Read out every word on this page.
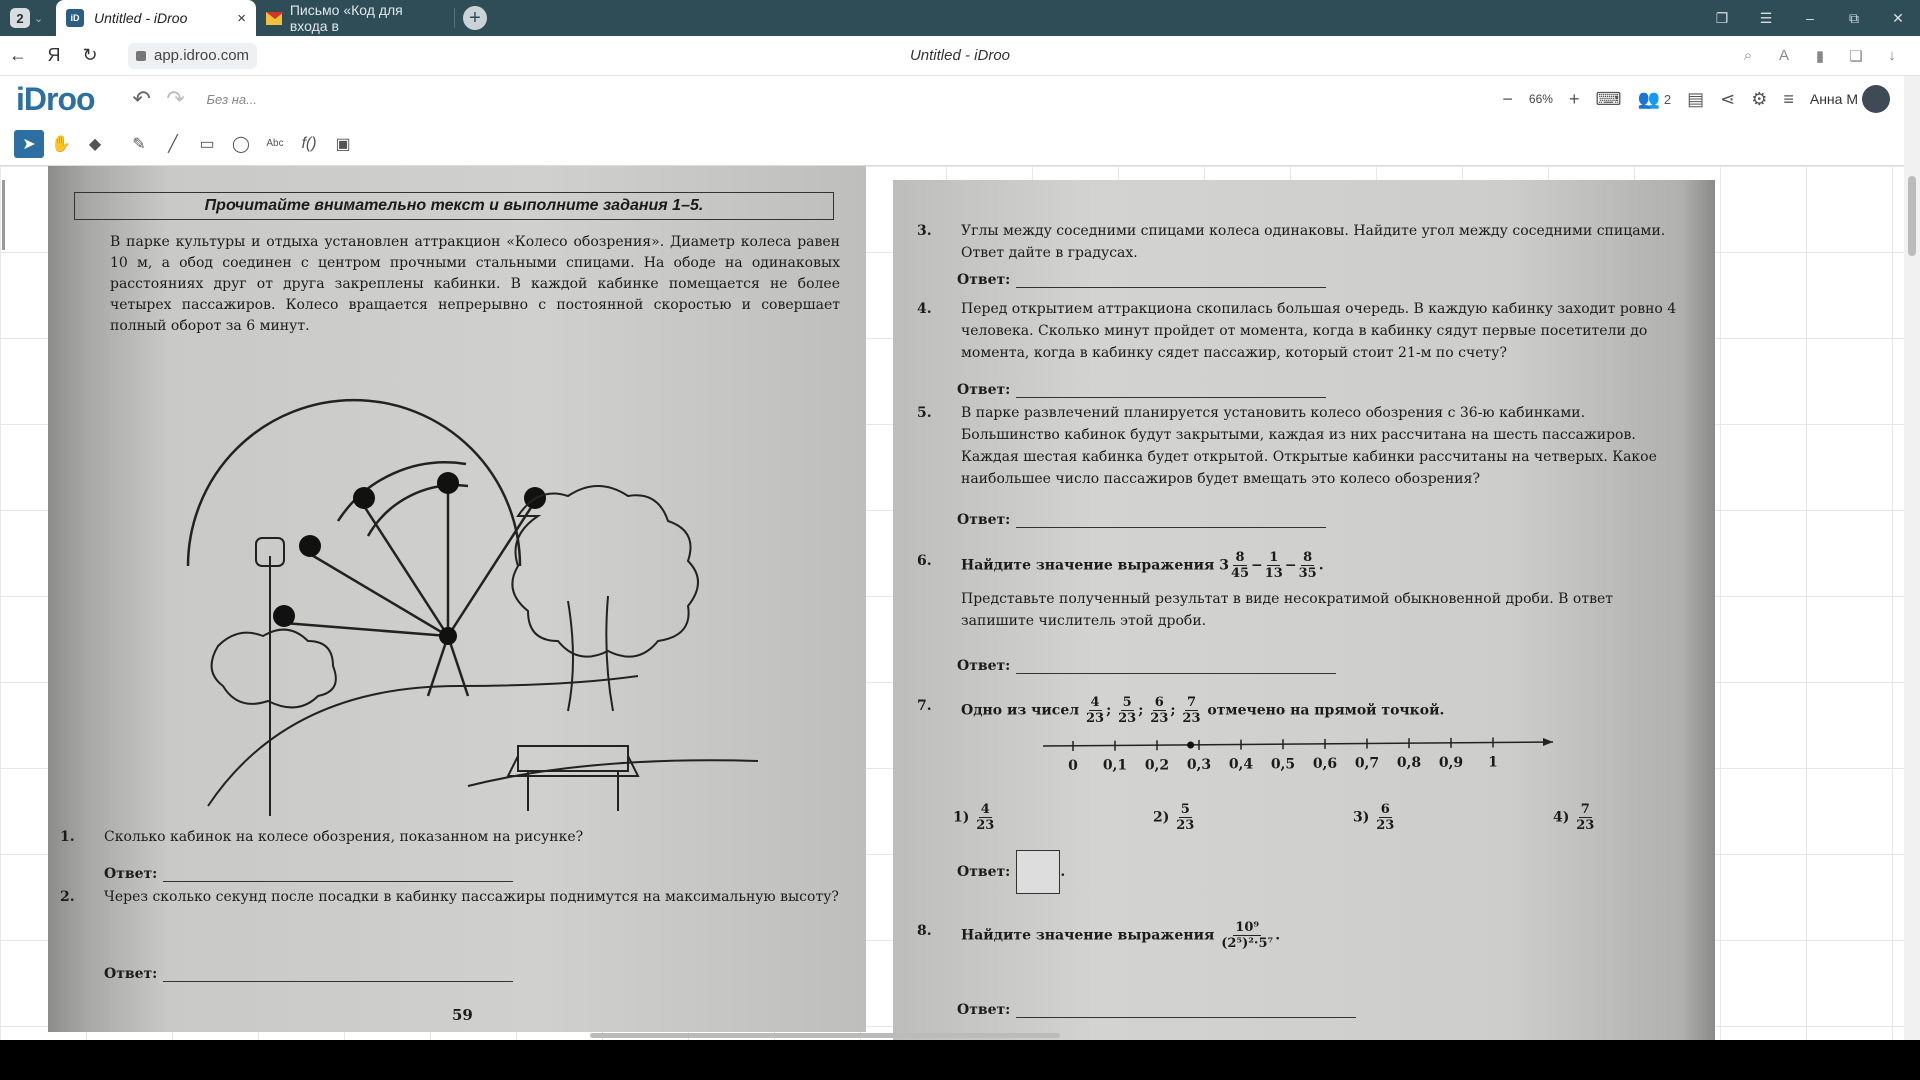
2 ⌄	iD	Untitled - iDroo	×	Письмо «Код для входа в	+	❐	☰	–	⧉	✕
←	Я	↻	app.idroo.com	Untitled - iDroo	⌕	A	▮	❏	↓
iDroo	↶ ↷	Без на...	− 66% + ⌨ 👥 2 ▤ ⋖ ⚙ ≡ Анна М
➤ ✋	◆	✎	╱	▭	◯	Abc	f()	▣
Прочитайте внимательно текст и выполните задания 1–5.
В парке культуры и отдыха установлен аттракцион «Колесо обозрения». Диаметр колеса равен 10 м, а обод соединен с центром прочными стальными спицами. На ободе на одинаковых расстояниях друг от друга закреплены кабинки. В каждой кабинке помещается не более четырех пассажиров. Колесо вращается непрерывно с постоянной скоростью и совершает полный оборот за 6 минут.
1. Сколько кабинок на колесе обозрения, показанном на рисунке?
Ответ:
2. Через сколько секунд после посадки в кабинку пассажиры поднимутся на максимальную высоту?
Ответ:
59
3. Углы между соседними спицами колеса одинаковы. Найдите угол между соседними спицами. Ответ дайте в градусах.
Ответ:
4. Перед открытием аттракциона скопилась большая очередь. В каждую кабинку заходит ровно 4 человека. Сколько минут пройдет от момента, когда в кабинку сядут первые посетители до момента, когда в кабинку сядет пассажир, который стоит 21-м по счету?
Ответ:
5. В парке развлечений планируется установить колесо обозрения с 36-ю кабинками. Большинство кабинок будут закрытыми, каждая из них рассчитана на шесть пассажиров. Каждая шестая кабинка будет открытой. Открытые кабинки рассчитаны на четверых. Какое наибольшее число пассажиров будет вмещать это колесо обозрения?
Ответ:
6. Найдите значение выражения $3 \frac{8}{45} - \frac{1}{13} - \frac{8}{35}$ .
Представьте полученный результат в виде несократимой обыкновенной дроби. В ответ запишите числитель этой дроби.
Ответ:
7. Одно из чисел $\frac{4}{23}$ ; $\frac{5}{23}$ ; $\frac{6}{23}$ ; $\frac{7}{23}$ отмечено на прямой точкой.
0 0,1 0,2 0,3 0,4 0,5 0,6 0,7 0,8 0,9 1
$1) \frac{4}{23}$	$2) \frac{5}{23}$	$3) \frac{6}{23}$	$4) \frac{7}{23}$
Ответ:	.
8. Найдите значение выражения $\frac{\text{10⁹}}{\text{(2⁵)²·5⁷}}$ .
Ответ:
